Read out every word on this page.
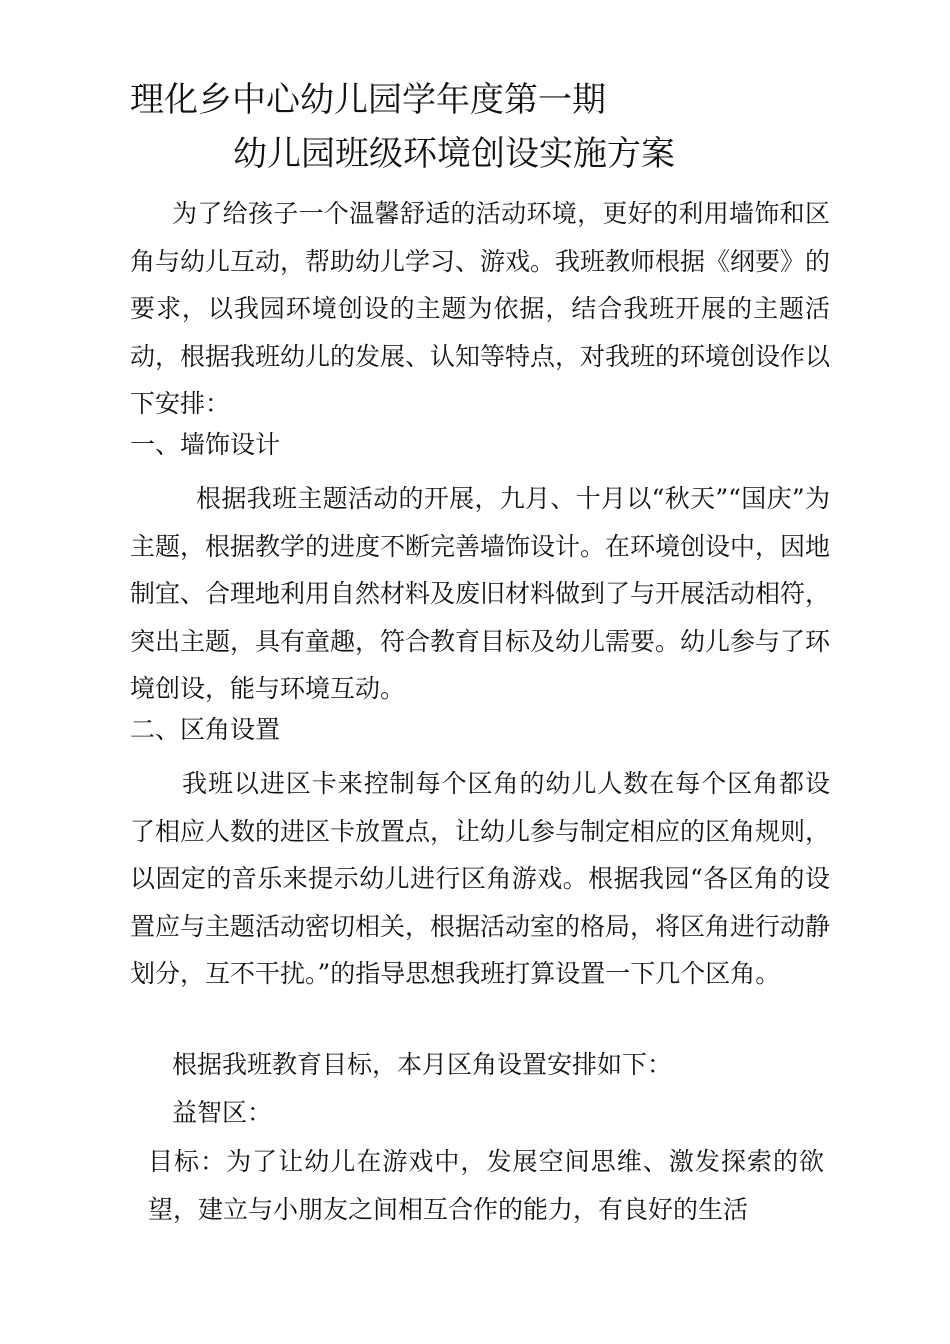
理化乡中心幼儿园学年度第一期
幼儿园班级环境创设实施方案
为了给孩子一个温馨舒适的活动环境，更好的利用墙饰和区角与幼儿互动，帮助幼儿学习、游戏。我班教师根据《纲要》的要求，以我园环境创设的主题为依据，结合我班开展的主题活动，根据我班幼儿的发展、认知等特点，对我班的环境创设作以下安排：
一、墙饰设计
根据我班主题活动的开展，九月、十月以“秋天”“国庆”为主题，根据教学的进度不断完善墙饰设计。在环境创设中，因地制宜、合理地利用自然材料及废旧材料做到了与开展活动相符，突出主题，具有童趣，符合教育目标及幼儿需要。幼儿参与了环境创设，能与环境互动。
二、区角设置
我班以进区卡来控制每个区角的幼儿人数在每个区角都设了相应人数的进区卡放置点，让幼儿参与制定相应的区角规则，以固定的音乐来提示幼儿进行区角游戏。根据我园“各区角的设置应与主题活动密切相关，根据活动室的格局，将区角进行动静划分，互不干扰。”的指导思想我班打算设置一下几个区角。
根据我班教育目标，本月区角设置安排如下：
益智区：
目标：为了让幼儿在游戏中，发展空间思维、激发探索的欲望，建立与小朋友之间相互合作的能力，有良好的生活
